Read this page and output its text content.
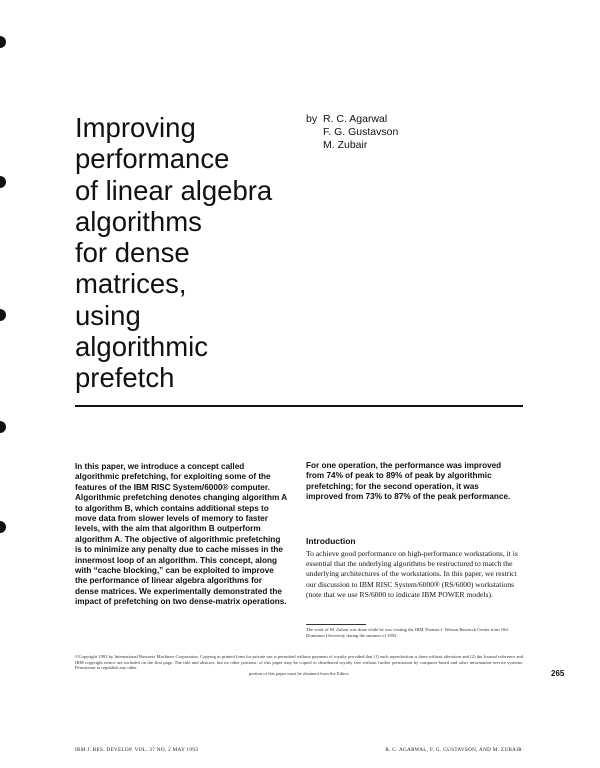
Improving
performance
of linear algebra
algorithms
for dense
matrices,
using
algorithmic
prefetch
by R. C. Agarwal
F. G. Gustavson
M. Zubair

In this paper, we introduce a concept called algorithmic prefetching, for exploiting some of the features of the IBM RISC System/6000® computer. Algorithmic prefetching denotes changing algorithm A to algorithm B, which contains additional steps to move data from slower levels of memory to faster levels, with the aim that algorithm B outperform algorithm A. The objective of algorithmic prefetching is to minimize any penalty due to cache misses in the innermost loop of an algorithm. This concept, along with “cache blocking,” can be exploited to improve the performance of linear algebra algorithms for dense matrices. We experimentally demonstrated the impact of prefetching on two dense-matrix operations.

For one operation, the performance was improved from 74% of peak to 89% of peak by algorithmic prefetching; for the second operation, it was improved from 73% to 87% of the peak performance.

Introduction

To achieve good performance on high-performance workstations, it is essential that the underlying algorithms be restructured to match the underlying architectures of the workstations. In this paper, we restrict our discussion to IBM RISC System/6000® (RS/6000) workstations (note that we use RS/6000 to indicate IBM POWER models).

The work of M. Zubair was done while he was visiting the IBM Thomas J. Watson Research Center from Old Dominion University during the summer of 1992.

©Copyright 1993 by International Business Machines Corporation. Copying in printed form for private use is permitted without payment of royalty provided that (1) each reproduction is done without alteration and (2) the Journal reference and IBM copyright notice are included on the first page. The title and abstract, but no other portions, of this paper may be copied or distributed royalty free without further permission by computer-based and other information-service systems. Permission to republish any other
portion of this paper must be obtained from the Editor.	265
IBM J. RES. DEVELOP. VOL. 37 NO. 2 MAY 1993	R. C. AGARWAL, F. G. GUSTAVSON, AND M. ZUBAIR
